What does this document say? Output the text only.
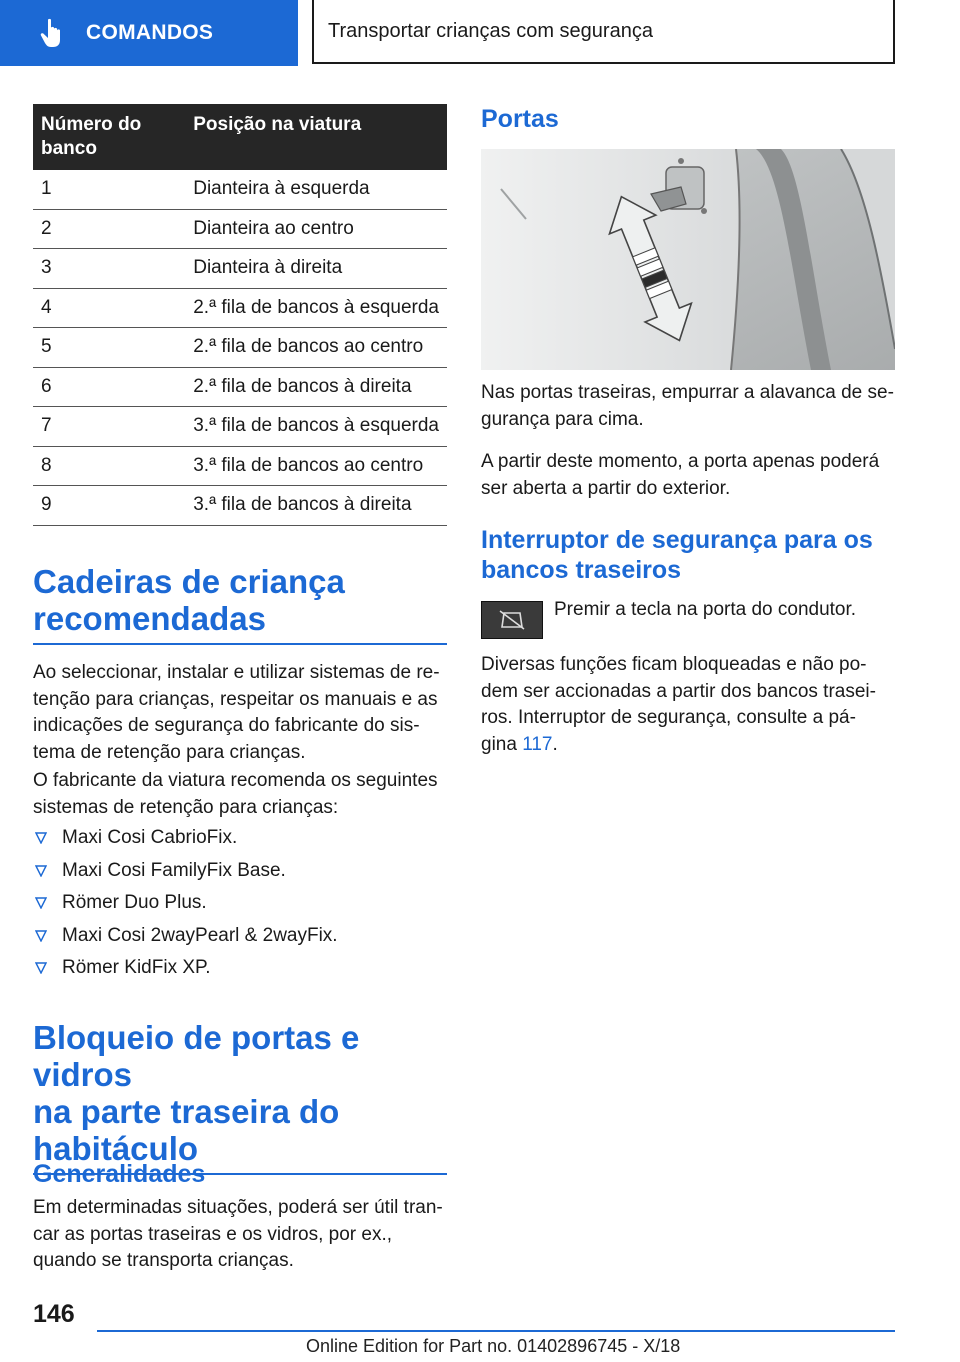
COMANDOS	Transportar crianças com segurança
Número do banco	Posição na viatura
1	Dianteira à esquerda
2	Dianteira ao centro
3	Dianteira à direita
4	2.ª fila de bancos à esquerda
5	2.ª fila de bancos ao centro
6	2.ª fila de bancos à direita
7	3.ª fila de bancos à esquerda
8	3.ª fila de bancos ao centro
9	3.ª fila de bancos à direita
Cadeiras de criança
recomendadas

Ao seleccionar, instalar e utilizar sistemas de re-
tenção para crianças, respeitar os manuais e as
indicações de segurança do fabricante do sis-
tema de retenção para crianças.

O fabricante da viatura recomenda os seguintes
sistemas de retenção para crianças:

Maxi Cosi CabrioFix.
Maxi Cosi FamilyFix Base.
Römer Duo Plus.
Maxi Cosi 2wayPearl & 2wayFix.
Römer KidFix XP.
Bloqueio de portas e vidros
na parte traseira do
habitáculo
Generalidades

Em determinadas situações, poderá ser útil tran-
car as portas traseiras e os vidros, por ex.,
quando se transporta crianças.

Portas

Nas portas traseiras, empurrar a alavanca de se-
gurança para cima.

A partir deste momento, a porta apenas poderá
ser aberta a partir do exterior.

Interruptor de segurança para os
bancos traseiros

Premir a tecla na porta do condutor.

Diversas funções ficam bloqueadas e não po-
dem ser accionadas a partir dos bancos trasei-
ros. Interruptor de segurança, consulte a pá-
gina 117.

146
Online Edition for Part no. 01402896745 - X/18
